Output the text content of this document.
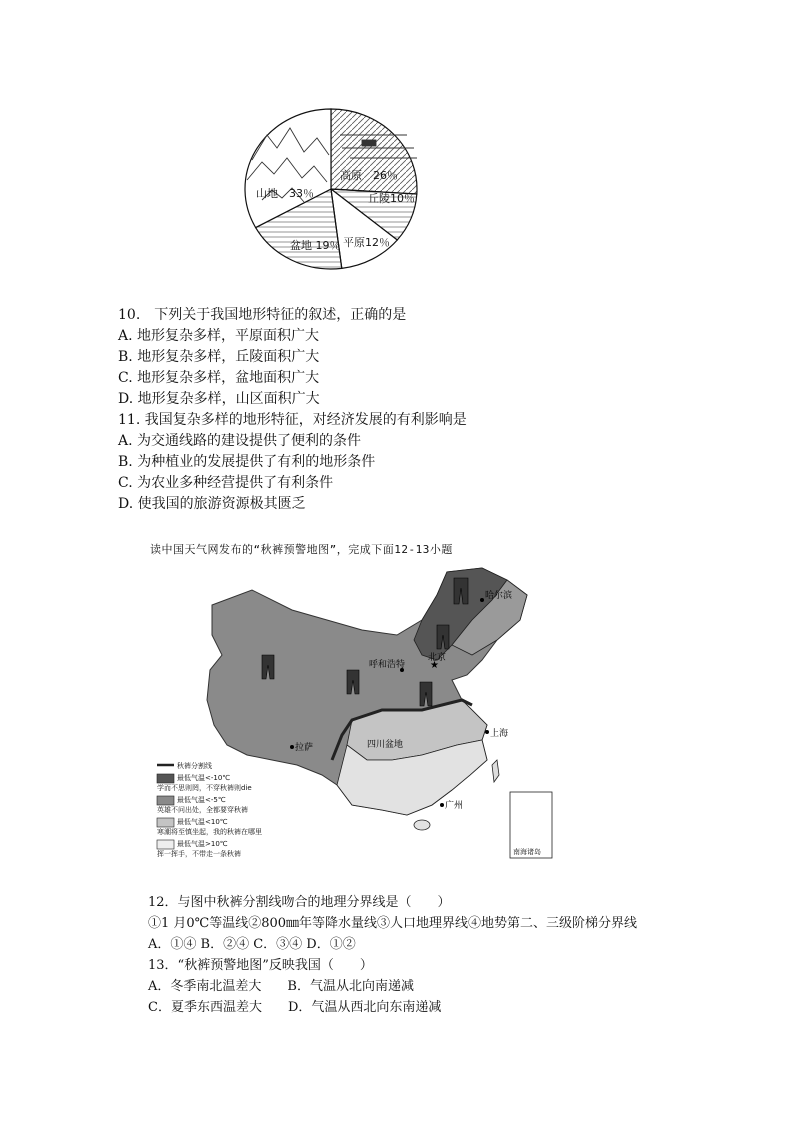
山地　33％
高原　26％
丘陵10％
平原12％
盆地 19％
10.　下列关于我国地形特征的叙述，正确的是
A. 地形复杂多样，平原面积广大
B. 地形复杂多样，丘陵面积广大
C. 地形复杂多样，盆地面积广大
D. 地形复杂多样，山区面积广大
11. 我国复杂多样的地形特征，对经济发展的有利影响是
A. 为交通线路的建设提供了便利的条件
B. 为种植业的发展提供了有利的地形条件
C. 为农业多种经营提供了有利条件
D. 使我国的旅游资源极其匮乏
读中国天气网发布的“秋裤预警地图”，完成下面12-13小题
★
哈尔滨
呼和浩特
北京
拉萨	四川盆地
上海
广州
南海诸岛
秋裤分割线
最低气温<-10℃
学而不思则罔，不穿秋裤则die
最低气温<-5℃
英雄不问出处，全都要穿秋裤
最低气温<10℃
寒潮将至慎坐起，我的秋裤在哪里
最低气温>10℃
挥一挥手，不带走一条秋裤
12．与图中秋裤分割线吻合的地理分界线是（　　）
①1 月0℃等温线②800㎜年等降水量线③人口地理界线④地势第二、三级阶梯分界线
A．①④ B．②④ C．③④ D．①②
13．“秋裤预警地图”反映我国（　　）
A．冬季南北温差大　　B．气温从北向南递减
C．夏季东西温差大　　D．气温从西北向东南递减
